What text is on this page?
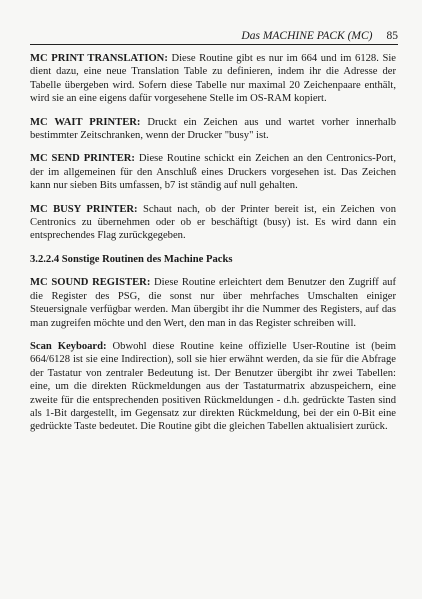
Das MACHINE PACK (MC) 85

MC PRINT TRANSLATION: Diese Routine gibt es nur im 664 und im 6128. Sie dient dazu, eine neue Translation Table zu definieren, indem ihr die Adresse der Tabelle übergeben wird. Sofern diese Tabelle nur maximal 20 Zeichenpaare enthält, wird sie an eine eigens dafür vorgesehene Stelle im OS-RAM kopiert.

MC WAIT PRINTER: Druckt ein Zeichen aus und wartet vorher innerhalb bestimmter Zeitschranken, wenn der Drucker "busy" ist.

MC SEND PRINTER: Diese Routine schickt ein Zeichen an den Centronics-Port, der im allgemeinen für den Anschluß eines Druckers vorgesehen ist. Das Zeichen kann nur sieben Bits umfassen, b7 ist ständig auf null gehalten.

MC BUSY PRINTER: Schaut nach, ob der Printer bereit ist, ein Zeichen von Centronics zu übernehmen oder ob er beschäftigt (busy) ist. Es wird dann ein entsprechendes Flag zurückgegeben.

3.2.2.4 Sonstige Routinen des Machine Packs

MC SOUND REGISTER: Diese Routine erleichtert dem Benutzer den Zugriff auf die Register des PSG, die sonst nur über mehrfaches Umschalten einiger Steuersignale verfügbar werden. Man übergibt ihr die Nummer des Registers, auf das man zugreifen möchte und den Wert, den man in das Register schreiben will.

Scan Keyboard: Obwohl diese Routine keine offizielle User-Routine ist (beim 664/6128 ist sie eine Indirection), soll sie hier erwähnt werden, da sie für die Abfrage der Tastatur von zentraler Bedeutung ist. Der Benutzer übergibt ihr zwei Tabellen: eine, um die direkten Rückmeldungen aus der Tastaturmatrix abzuspeichern, eine zweite für die entsprechenden positiven Rückmeldungen - d.h. gedrückte Tasten sind als 1-Bit dargestellt, im Gegensatz zur direkten Rückmeldung, bei der ein 0-Bit eine gedrückte Taste bedeutet. Die Routine gibt die gleichen Tabellen aktualisiert zurück.
